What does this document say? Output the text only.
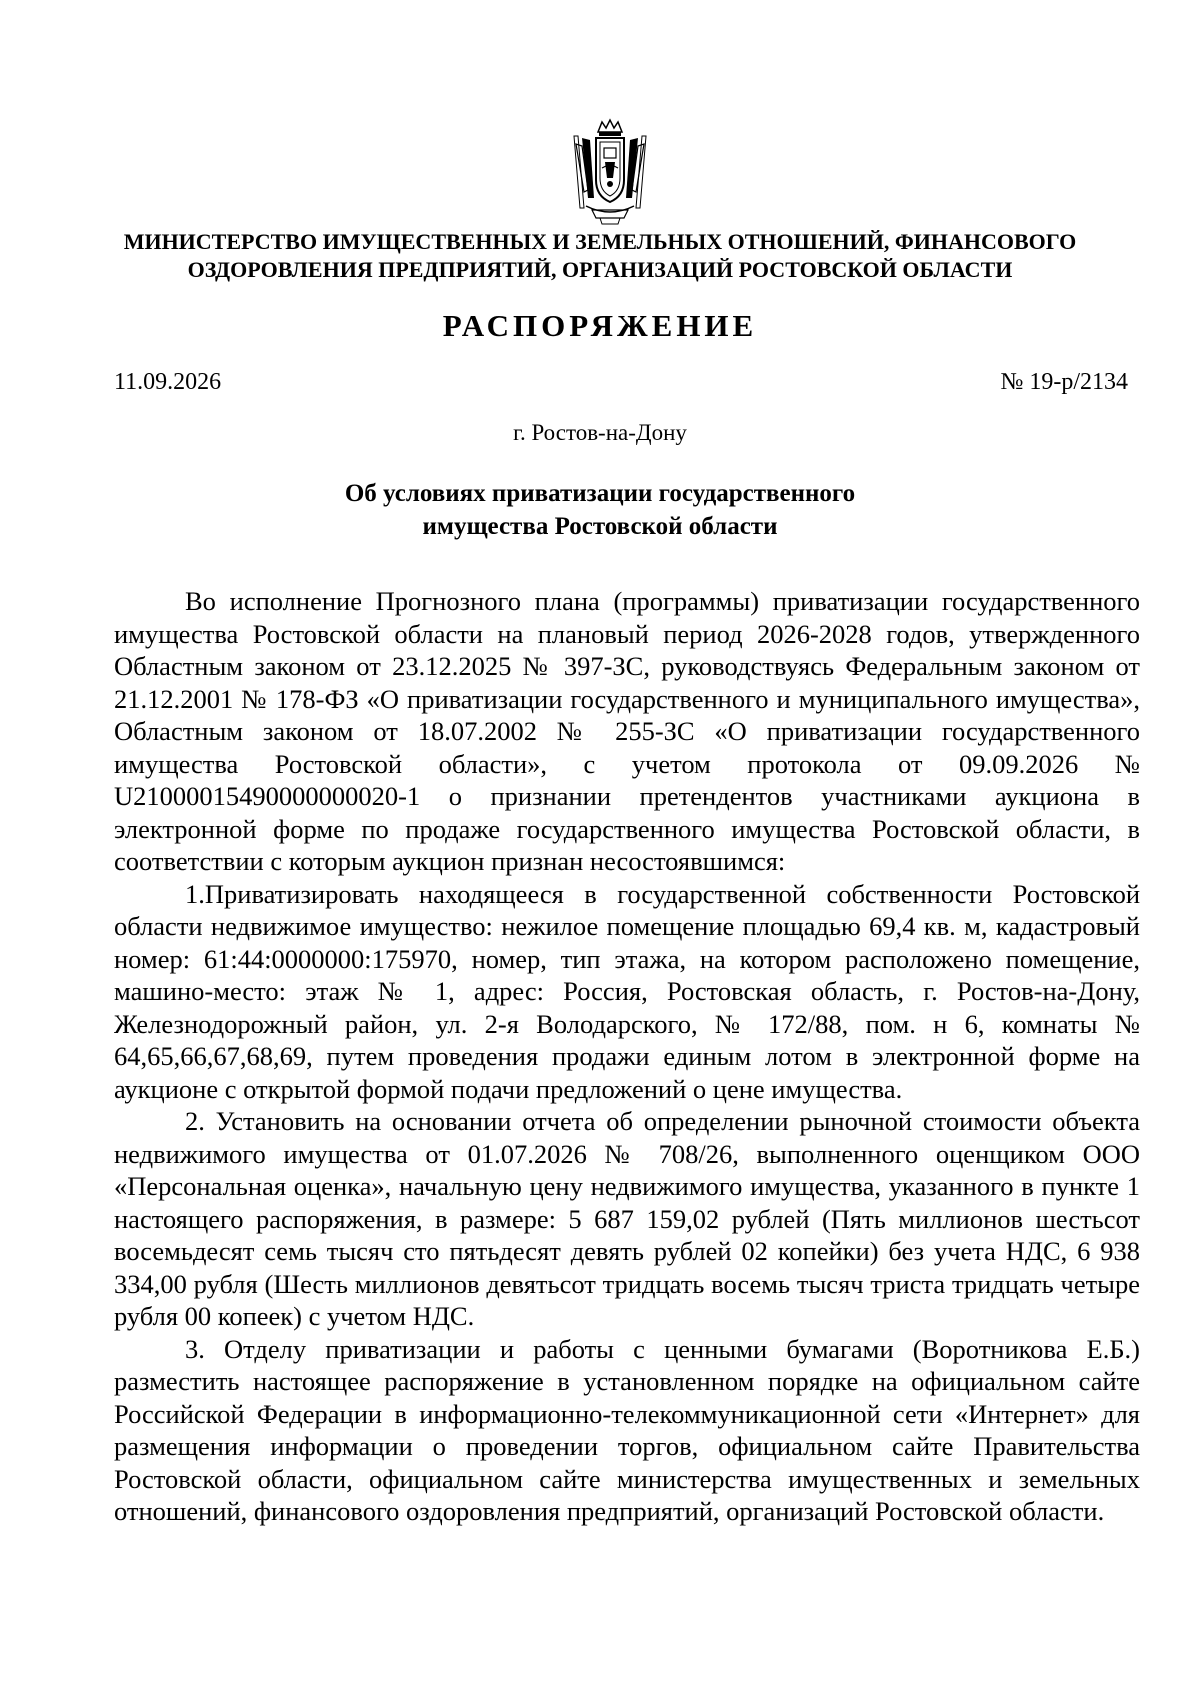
МИНИСТЕРСТВО ИМУЩЕСТВЕННЫХ И ЗЕМЕЛЬНЫХ ОТНОШЕНИЙ, ФИНАНСОВОГО
ОЗДОРОВЛЕНИЯ ПРЕДПРИЯТИЙ, ОРГАНИЗАЦИЙ РОСТОВСКОЙ ОБЛАСТИ
РАСПОРЯЖЕНИЕ
11.09.2026	№ 19-р/2134
г. Ростов-на-Дону
Об условиях приватизации государственного
имущества Ростовской области

Во исполнение Прогнозного плана (программы) приватизации государственного имущества Ростовской области на плановый период 2026-2028 годов, утвержденного Областным законом от 23.12.2025 № 397-ЗС, руководствуясь Федеральным законом от 21.12.2001 № 178-ФЗ «О приватизации государственного и муниципального имущества», Областным законом от 18.07.2002 № 255-ЗС «О приватизации государственного имущества Ростовской области», с учетом протокола от 09.09.2026 № U21000015490000000020-1 о признании претендентов участниками аукциона в электронной форме по продаже государственного имущества Ростовской области, в соответствии с которым аукцион признан несостоявшимся:

1.Приватизировать находящееся в государственной собственности Ростовской области недвижимое имущество: нежилое помещение площадью 69,4 кв. м, кадастровый номер: 61:44:0000000:175970, номер, тип этажа, на котором расположено помещение, машино-место: этаж № 1, адрес: Россия, Ростовская область, г. Ростов-на-Дону, Железнодорожный район, ул. 2-я Володарского, № 172/88, пом. н 6, комнаты № 64,65,66,67,68,69, путем проведения продажи единым лотом в электронной форме на аукционе с открытой формой подачи предложений о цене имущества.

2. Установить на основании отчета об определении рыночной стоимости объекта недвижимого имущества от 01.07.2026 № 708/26, выполненного оценщиком ООО «Персональная оценка», начальную цену недвижимого имущества, указанного в пункте 1 настоящего распоряжения, в размере: 5 687 159,02 рублей (Пять миллионов шестьсот восемьдесят семь тысяч сто пятьдесят девять рублей 02 копейки) без учета НДС, 6 938 334,00 рубля (Шесть миллионов девятьсот тридцать восемь тысяч триста тридцать четыре рубля 00 копеек) с учетом НДС.

3. Отделу приватизации и работы с ценными бумагами (Воротникова Е.Б.) разместить настоящее распоряжение в установленном порядке на официальном сайте Российской Федерации в информационно-телекоммуникационной сети «Интернет» для размещения информации о проведении торгов, официальном сайте Правительства Ростовской области, официальном сайте министерства имущественных и земельных отношений, финансового оздоровления предприятий, организаций Ростовской области.
